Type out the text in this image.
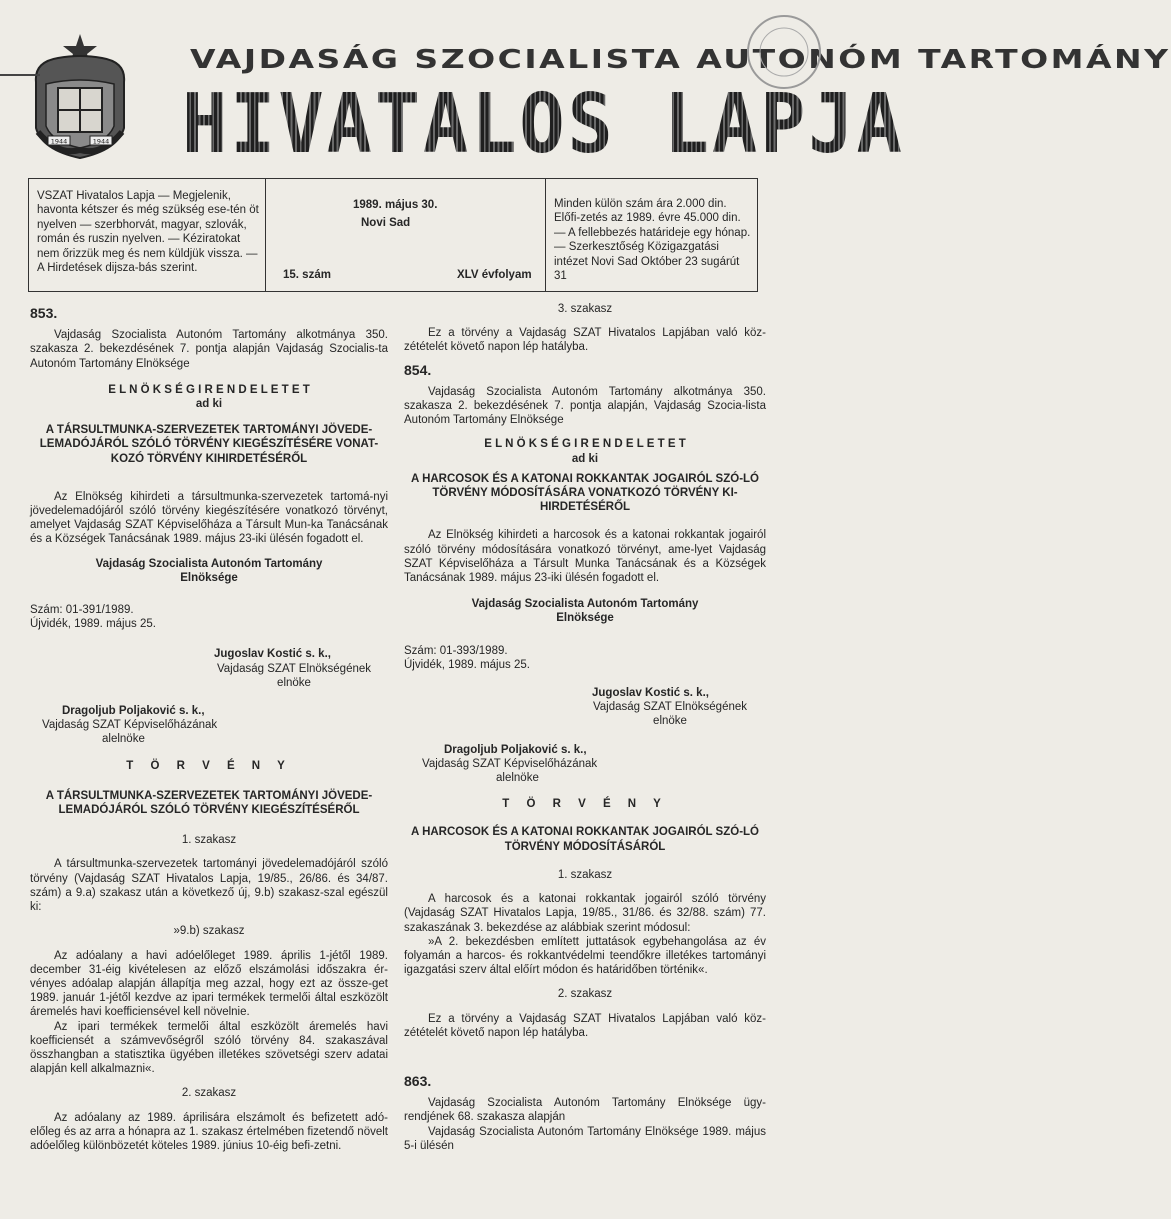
1944	1944
VAJDASÁG SZOCIALISTA AUTONÓM TARTOMÁNY
HIVATALOS LAPJA
VSZAT Hivatalos Lapja — Megjelenik, havonta kétszer és még szükség ese-tén öt nyelven — szerbhorvát, magyar, szlovák, román és ruszin nyelven. — Kéziratokat nem őrizzük meg és nem küldjük vissza. — A Hirdetések dijsza-bás szerint.
1989. május 30.
Novi Sad
15. szám	XLV évfolyam
Minden külön szám ára 2.000 din. Előfi-zetés az 1989. évre 45.000 din. — A fellebbezés határideje egy hónap. — Szerkesztőség Közigazgatási intézet Novi Sad Október 23 sugárút 31

853.

Vajdaság Szocialista Autonóm Tartomány alkotmánya 350. szakasza 2. bekezdésének 7. pontja alapján Vajdaság Szocialis-ta Autonóm Tartomány Elnöksége

E L N Ö K S É G I R E N D E L E T E T

ad ki

A TÁRSULTMUNKA-SZERVEZETEK TARTOMÁNYI JÖVEDE-LEMADÓJÁRÓL SZÓLÓ TÖRVÉNY KIEGÉSZÍTÉSÉRE VONAT-KOZÓ TÖRVÉNY KIHIRDETÉSÉRŐL

Az Elnökség kihirdeti a társultmunka-szervezetek tartomá-nyi jövedelemadójáról szóló törvény kiegészítésére vonatkozó törvényt, amelyet Vajdaság SZAT Képviselőháza a Társult Mun-ka Tanácsának és a Községek Tanácsának 1989. május 23-iki ülésén fogadott el.

Vajdaság Szocialista Autonóm Tartomány

Elnöksége

Szám: 01-391/1989.

Újvidék, 1989. május 25.

Jugoslav Kostić s. k.,

Vajdaság SZAT Elnökségének

elnöke

Dragoljub Poljaković s. k.,

Vajdaság SZAT Képviselőházának

alelnöke

T Ö R V É N Y

A TÁRSULTMUNKA-SZERVEZETEK TARTOMÁNYI JÖVEDE-LEMADÓJÁRÓL SZÓLÓ TÖRVÉNY KIEGÉSZÍTÉSÉRŐL

1. szakasz

A társultmunka-szervezetek tartományi jövedelemadójáról szóló törvény (Vajdaság SZAT Hivatalos Lapja, 19/85., 26/86. és 34/87. szám) a 9.a) szakasz után a következő új, 9.b) szakasz-szal egészül ki:

»9.b) szakasz

Az adóalany a havi adóelőleget 1989. április 1-jétől 1989. december 31-éig kivételesen az előző elszámolási időszakra ér-vényes adóalap alapján állapítja meg azzal, hogy ezt az össze-get 1989. január 1-jétől kezdve az ipari termékek termelői által eszközölt áremelés havi koefficiensével kell növelnie.

Az ipari termékek termelői által eszközölt áremelés havi koefficiensét a számvevőségről szóló törvény 84. szakaszával összhangban a statisztika ügyében illetékes szövetségi szerv adatai alapján kell alkalmazni«.

2. szakasz

Az adóalany az 1989. áprilisára elszámolt és befizetett adó-előleg és az arra a hónapra az 1. szakasz értelmében fizetendő növelt adóelőleg különbözetét köteles 1989. június 10-éig befi-zetni.

3. szakasz

Ez a törvény a Vajdaság SZAT Hivatalos Lapjában való köz-zétételét követő napon lép hatályba.

854.

Vajdaság Szocialista Autonóm Tartomány alkotmánya 350. szakasza 2. bekezdésének 7. pontja alapján, Vajdaság Szocia-lista Autonóm Tartomány Elnöksége

E L N Ö K S É G I R E N D E L E T E T

ad ki

A HARCOSOK ÉS A KATONAI ROKKANTAK JOGAIRÓL SZÓ-LÓ TÖRVÉNY MÓDOSÍTÁSÁRA VONATKOZÓ TÖRVÉNY KI-HIRDETÉSÉRŐL

Az Elnökség kihirdeti a harcosok és a katonai rokkantak jogairól szóló törvény módosítására vonatkozó törvényt, ame-lyet Vajdaság SZAT Képviselőháza a Társult Munka Tanácsának és a Községek Tanácsának 1989. május 23-iki ülésén fogadott el.

Vajdaság Szocialista Autonóm Tartomány

Elnöksége

Szám: 01-393/1989.

Újvidék, 1989. május 25.

Jugoslav Kostić s. k.,

Vajdaság SZAT Elnökségének

elnöke

Dragoljub Poljaković s. k.,

Vajdaság SZAT Képviselőházának

alelnöke

T Ö R V É N Y

A HARCOSOK ÉS A KATONAI ROKKANTAK JOGAIRÓL SZÓ-LÓ TÖRVÉNY MÓDOSÍTÁSÁRÓL

1. szakasz

A harcosok és a katonai rokkantak jogairól szóló törvény (Vajdaság SZAT Hivatalos Lapja, 19/85., 31/86. és 32/88. szám) 77. szakaszának 3. bekezdése az alábbiak szerint módosul:

»A 2. bekezdésben említett juttatások egybehangolása az év folyamán a harcos- és rokkantvédelmi teendőkre illetékes tartományi igazgatási szerv által előírt módon és határidőben történik«.

2. szakasz

Ez a törvény a Vajdaság SZAT Hivatalos Lapjában való köz-zétételét követő napon lép hatályba.

863.

Vajdaság Szocialista Autonóm Tartomány Elnöksége ügy-rendjének 68. szakasza alapján

Vajdaság Szocialista Autonóm Tartomány Elnöksége 1989. május 5-i ülésén
